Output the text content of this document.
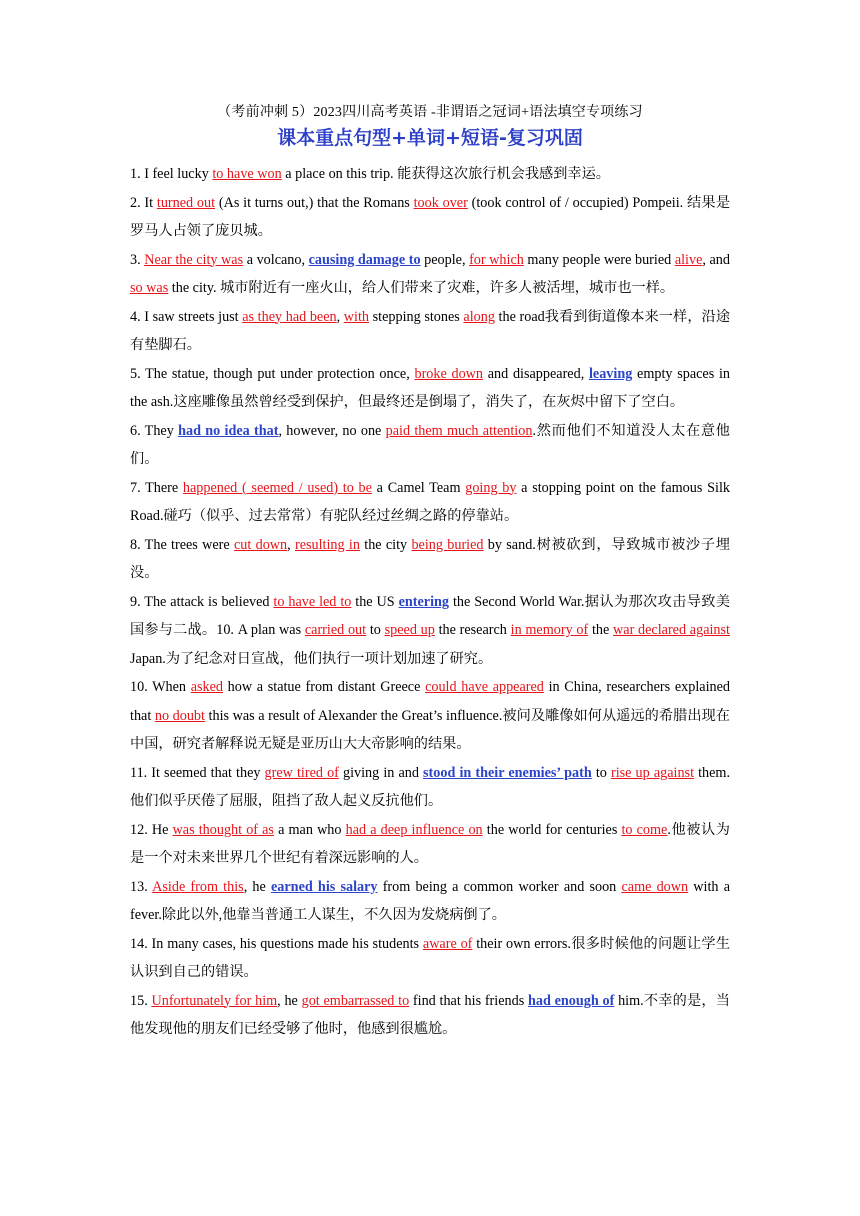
（考前冲刺 5）2023四川高考英语 -非谓语之冠词+语法填空专项练习
课本重点句型+单词+短语-复习巩固

1. I feel lucky to have won a place on this trip. 能获得这次旅行机会我感到幸运。

2. It turned out (As it turns out,) that the Romans took over (took control of / occupied) Pompeii. 结果是罗马人占领了庞贝城。

3. Near the city was a volcano, causing damage to people, for which many people were buried alive, and so was the city. 城市附近有一座火山，给人们带来了灾难，许多人被活埋，城市也一样。

4. I saw streets just as they had been, with stepping stones along the road我看到街道像本来一样，沿途有垫脚石。

5. The statue, though put under protection once, broke down and disappeared, leaving empty spaces in the ash.这座雕像虽然曾经受到保护，但最终还是倒塌了，消失了，在灰烬中留下了空白。

6. They had no idea that, however, no one paid them much attention.然而他们不知道没人太在意他们。

7. There happened ( seemed / used) to be a Camel Team going by a stopping point on the famous Silk Road.碰巧（似乎、过去常常）有驼队经过丝绸之路的停靠站。

8. The trees were cut down, resulting in the city being buried by sand.树被砍到，导致城市被沙子埋没。

9. The attack is believed to have led to the US entering the Second World War.据认为那次攻击导致美国参与二战。10. A plan was carried out to speed up the research in memory of the war declared against Japan.为了纪念对日宣战，他们执行一项计划加速了研究。

10. When asked how a statue from distant Greece could have appeared in China, researchers explained that no doubt this was a result of Alexander the Great’s influence.被问及雕像如何从遥远的希腊出现在中国，研究者解释说无疑是亚历山大大帝影响的结果。

11. It seemed that they grew tired of giving in and stood in their enemies’ path to rise up against them. 他们似乎厌倦了屈服，阻挡了敌人起义反抗他们。

12. He was thought of as a man who had a deep influence on the world for centuries to come.他被认为是一个对未来世界几个世纪有着深远影响的人。

13. Aside from this, he earned his salary from being a common worker and soon came down with a fever.除此以外,他靠当普通工人谋生，不久因为发烧病倒了。

14. In many cases, his questions made his students aware of their own errors.很多时候他的问题让学生认识到自己的错误。

15. Unfortunately for him, he got embarrassed to find that his friends had enough of him.不幸的是，当他发现他的朋友们已经受够了他时，他感到很尴尬。
